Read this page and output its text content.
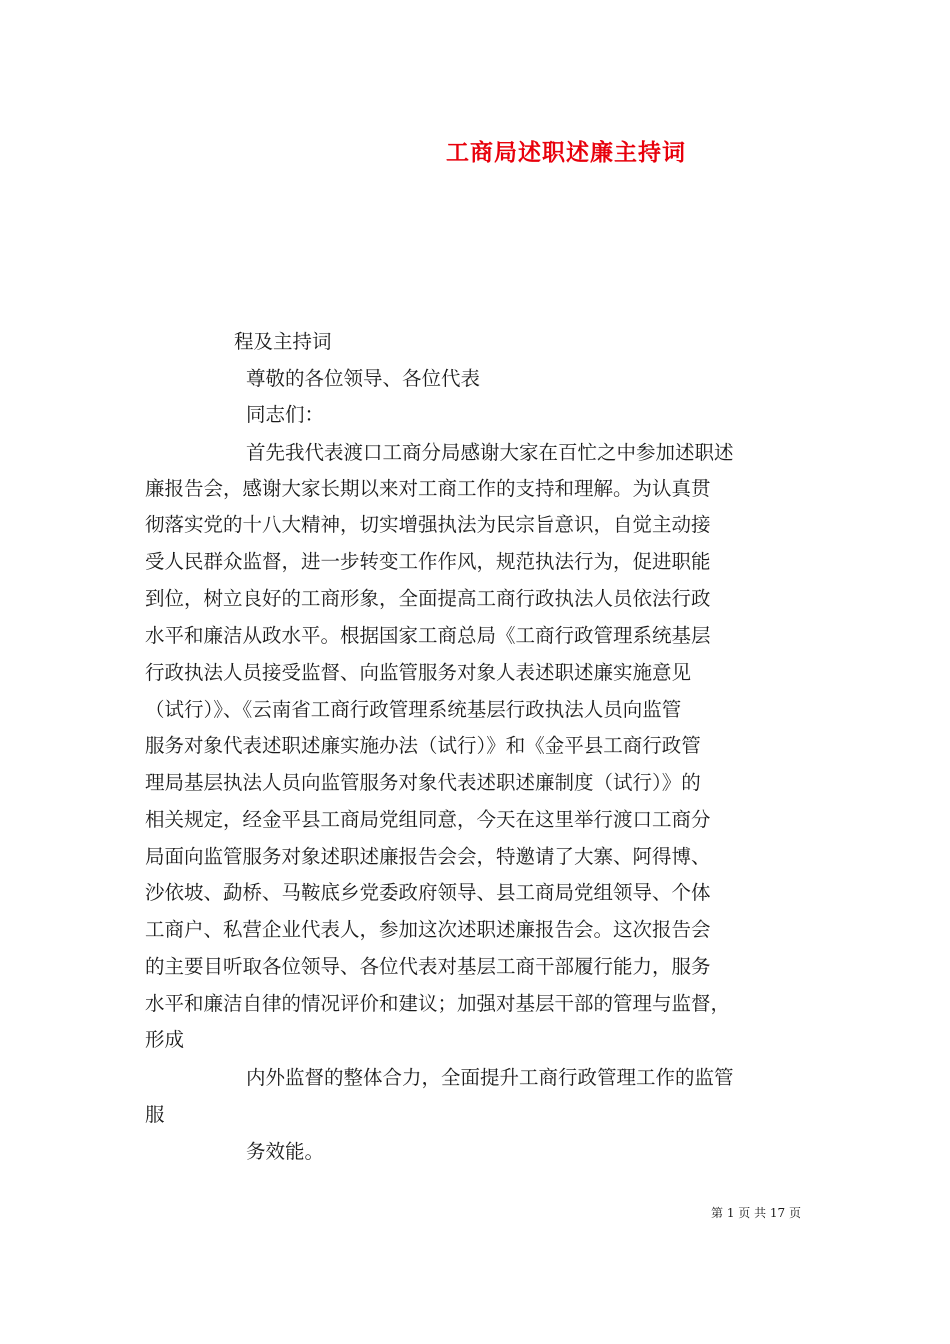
工商局述职述廉主持词
程及主持词
尊敬的各位领导、各位代表
同志们：
首先我代表渡口工商分局感谢大家在百忙之中参加述职述
廉报告会，感谢大家长期以来对工商工作的支持和理解。为认真贯
彻落实党的十八大精神，切实增强执法为民宗旨意识，自觉主动接
受人民群众监督，进一步转变工作作风，规范执法行为，促进职能
到位，树立良好的工商形象，全面提高工商行政执法人员依法行政
水平和廉洁从政水平。根据国家工商总局《工商行政管理系统基层
行政执法人员接受监督、向监管服务对象人表述职述廉实施意见
（试行）》、《云南省工商行政管理系统基层行政执法人员向监管
服务对象代表述职述廉实施办法（试行）》和《金平县工商行政管
理局基层执法人员向监管服务对象代表述职述廉制度（试行）》的
相关规定，经金平县工商局党组同意，今天在这里举行渡口工商分
局面向监管服务对象述职述廉报告会会，特邀请了大寨、阿得博、
沙依坡、勐桥、马鞍底乡党委政府领导、县工商局党组领导、个体
工商户、私营企业代表人，参加这次述职述廉报告会。这次报告会
的主要目听取各位领导、各位代表对基层工商干部履行能力，服务
水平和廉洁自律的情况评价和建议；加强对基层干部的管理与监督，
形成
内外监督的整体合力，全面提升工商行政管理工作的监管
服
务效能。
第 1 页 共 17 页
